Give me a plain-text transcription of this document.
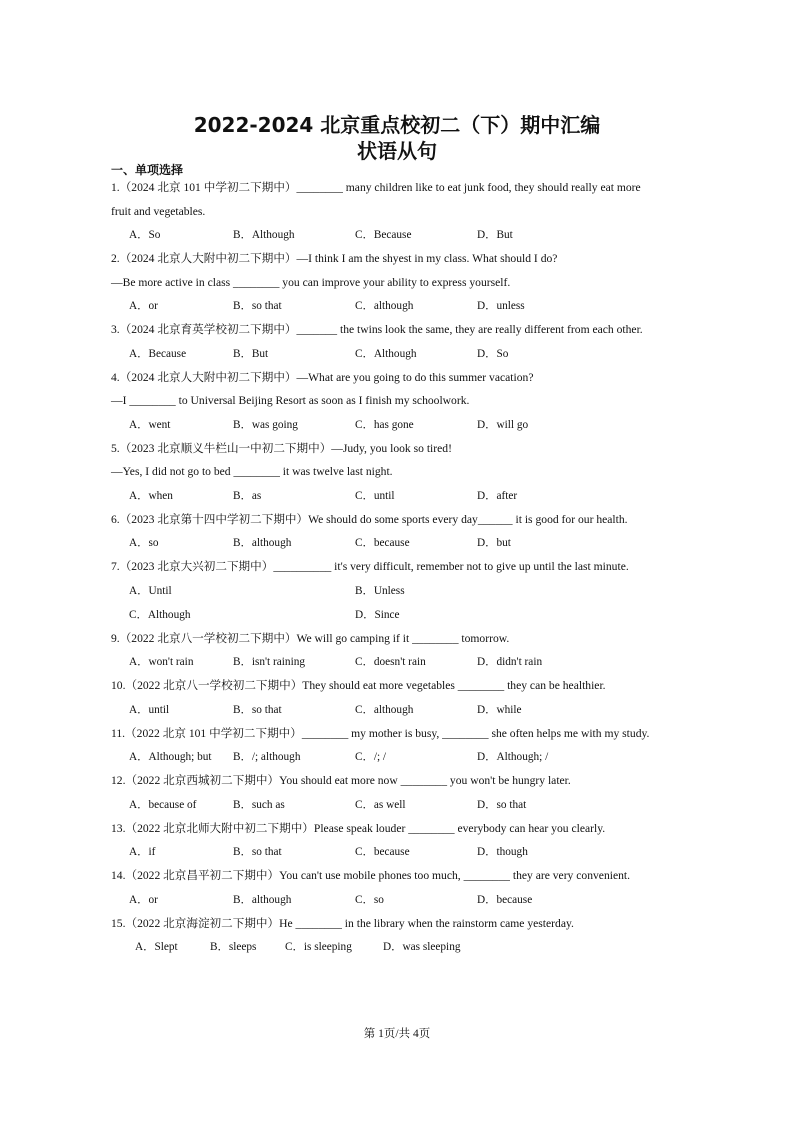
2022-2024 北京重点校初二（下）期中汇编
状语从句
一、单项选择
1.（2024 北京 101 中学初二下期中）________ many children like to eat junk food, they should really eat more
fruit and vegetables.
A．So	B．Although	C．Because	D．But
2.（2024 北京人大附中初二下期中）—I think I am the shyest in my class. What should I do?
—Be more active in class ________ you can improve your ability to express yourself.
A．or	B．so that	C．although	D．unless
3.（2024 北京育英学校初二下期中）_______ the twins look the same, they are really different from each other.
A．Because	B．But	C．Although	D．So
4.（2024 北京人大附中初二下期中）—What are you going to do this summer vacation?
—I ________ to Universal Beijing Resort as soon as I finish my schoolwork.
A．went	B．was going	C．has gone	D．will go
5.（2023 北京顺义牛栏山一中初二下期中）—Judy, you look so tired!
—Yes, I did not go to bed ________ it was twelve last night.
A．when	B．as	C．until	D．after
6.（2023 北京第十四中学初二下期中）We should do some sports every day______ it is good for our health.
A．so	B．although	C．because	D．but
7.（2023 北京大兴初二下期中）__________ it's very difficult, remember not to give up until the last minute.
A．Until	B．Unless
C．Although	D．Since
9.（2022 北京八一学校初二下期中）We will go camping if it ________ tomorrow.
A．won't rain	B．isn't raining	C．doesn't rain	D．didn't rain
10.（2022 北京八一学校初二下期中）They should eat more vegetables ________ they can be healthier.
A．until	B．so that	C．although	D．while
11.（2022 北京 101 中学初二下期中）________ my mother is busy, ________ she often helps me with my study.
A．Although; but	B．/; although	C．/; /	D．Although; /
12.（2022 北京西城初二下期中）You should eat more now ________ you won't be hungry later.
A．because of	B．such as	C．as well	D．so that
13.（2022 北京北师大附中初二下期中）Please speak louder ________ everybody can hear you clearly.
A．if	B．so that	C．because	D．though
14.（2022 北京昌平初二下期中）You can't use mobile phones too much, ________ they are very convenient.
A．or	B．although	C．so	D．because
15.（2022 北京海淀初二下期中）He ________ in the library when the rainstorm came yesterday.
A．Slept	B．sleeps	C．is sleeping	D．was sleeping
第 1页/共 4页
